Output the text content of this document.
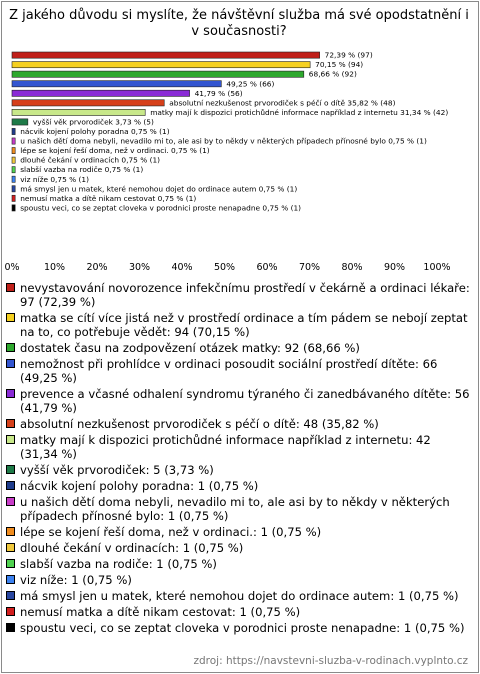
Z jakého důvodu si myslíte, že návštěvní služba má své opodstatnění i v současnosti?
72,39 % (97)
70,15 % (94)
68,66 % (92)
49,25 % (66)
41,79 % (56)
absolutní nezkušenost prvorodiček s péčí o dítě 35,82 % (48)
matky mají k dispozici protichůdné informace například z internetu 31,34 % (42)
vyšší věk prvorodiček 3,73 % (5)
nácvik kojení polohy poradna 0,75 % (1)
u našich dětí doma nebyli, nevadilo mi to, ale asi by to někdy v některých případech přínosné bylo 0,75 % (1)
lépe se kojení řeší doma, než v ordinaci. 0,75 % (1)
dlouhé čekání v ordinacích 0,75 % (1)
slabší vazba na rodiče 0,75 % (1)
viz níže 0,75 % (1)
má smysl jen u matek, které nemohou dojet do ordinace autem 0,75 % (1)
nemusí matka a dítě nikam cestovat 0,75 % (1)
spoustu veci, co se zeptat cloveka v porodnici proste nenapadne 0,75 % (1)
0%	10% 20% 30% 40% 50% 60% 70% 80% 90% 100%
nevystavování novorozence infekčnímu prostředí v čekárně a ordinaci lékaře: 97 (72,39 %)
matka se cítí více jistá než v prostředí ordinace a tím pádem se nebojí zeptat na to, co potřebuje vědět: 94 (70,15 %)
dostatek času na zodpovězení otázek matky: 92 (68,66 %)
nemožnost při prohlídce v ordinaci posoudit sociální prostředí dítěte: 66 (49,25 %)
prevence a včasné odhalení syndromu týraného či zanedbávaného dítěte: 56 (41,79 %)
absolutní nezkušenost prvorodiček s péčí o dítě: 48 (35,82 %)
matky mají k dispozici protichůdné informace například z internetu: 42 (31,34 %)
vyšší věk prvorodiček: 5 (3,73 %)
nácvik kojení polohy poradna: 1 (0,75 %)
u našich dětí doma nebyli, nevadilo mi to, ale asi by to někdy v některých případech přínosné bylo: 1 (0,75 %)
lépe se kojení řeší doma, než v ordinaci.: 1 (0,75 %)
dlouhé čekání v ordinacích: 1 (0,75 %)
slabší vazba na rodiče: 1 (0,75 %)
viz níže: 1 (0,75 %)
má smysl jen u matek, které nemohou dojet do ordinace autem: 1 (0,75 %)
nemusí matka a dítě nikam cestovat: 1 (0,75 %)
spoustu veci, co se zeptat cloveka v porodnici proste nenapadne: 1 (0,75 %)
zdroj: https://navstevni-sluzba-v-rodinach.vyplnto.cz
